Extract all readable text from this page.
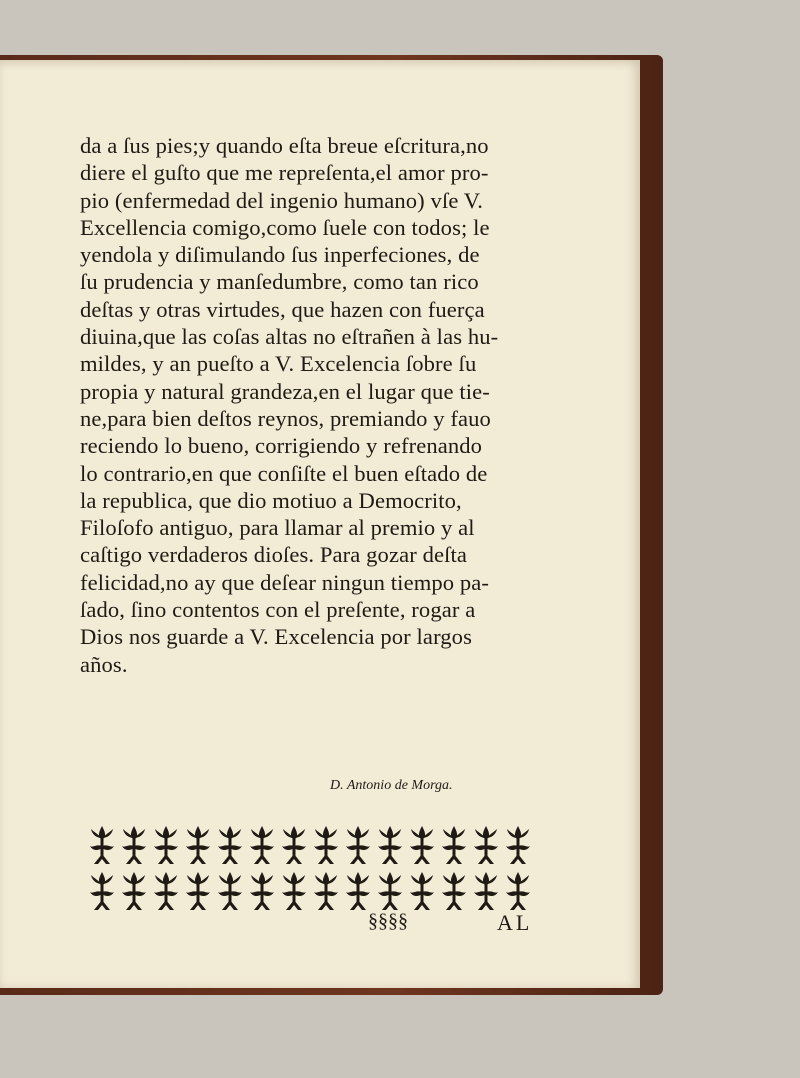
da a ſus pies;y quando eſta breue eſcritura,no
diere el guſto que me repreſenta,el amor pro-
pio (enfermedad del ingenio humano) vſe V.
Excellencia comigo,como ſuele con todos; le
yendola y diſimulando ſus inperfeciones, de
ſu prudencia y manſedumbre, como tan rico
deſtas y otras virtudes, que hazen con fuerça
diuina,que las coſas altas no eſtrañen à las hu-
mildes, y an pueſto a V. Excelencia ſobre ſu
propia y natural grandeza,en el lugar que tie-
ne,para bien deſtos reynos, premiando y fauo
reciendo lo bueno, corrigiendo y refrenando
lo contrario,en que conſiſte el buen eſtado de
la republica, que dio motiuo a Democrito,
Filoſofo antiguo, para llamar al premio y al
caſtigo verdaderos dioſes. Para gozar deſta
felicidad,no ay que deſear ningun tiempo pa-
ſado, ſino contentos con el preſente, rogar a
Dios nos guarde a V. Excelencia por largos
años.
D. Antonio de Morga.
§§§§	AL
